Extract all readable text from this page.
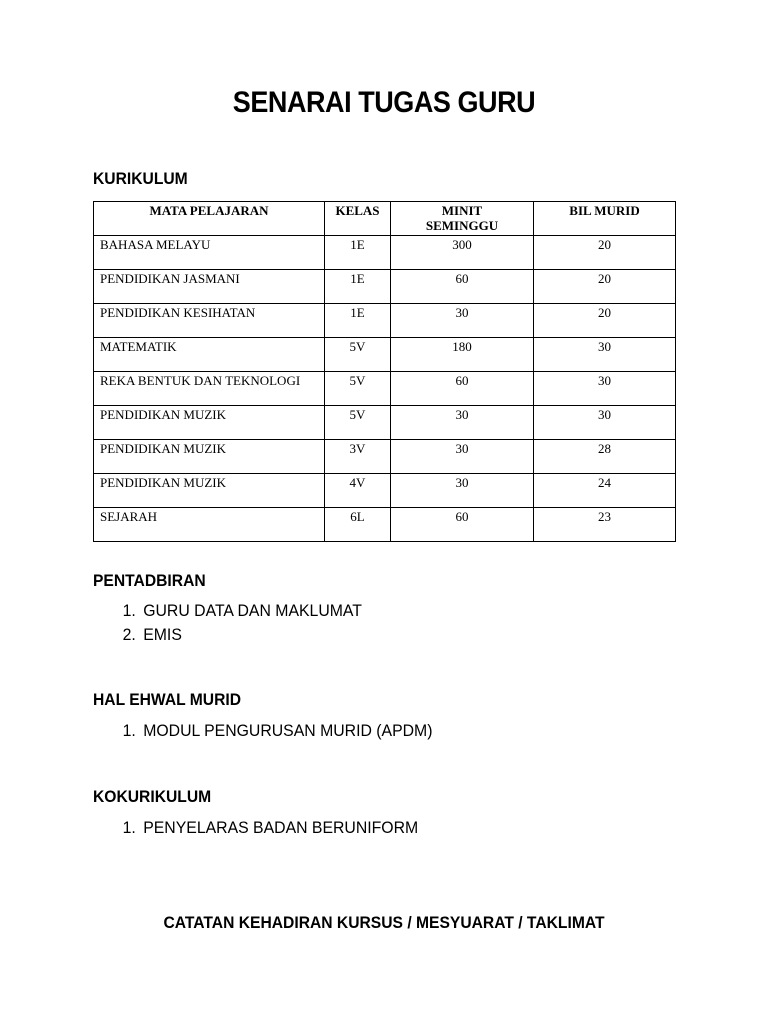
SENARAI TUGAS GURU
KURIKULUM
MATA PELAJARAN	KELAS	MINIT SEMINGGU	BIL MURID
BAHASA MELAYU	1E	300	20
PENDIDIKAN JASMANI	1E	60	20
PENDIDIKAN KESIHATAN	1E	30	20
MATEMATIK	5V	180	30
REKA BENTUK DAN TEKNOLOGI	5V	60	30
PENDIDIKAN MUZIK	5V	30	30
PENDIDIKAN MUZIK	3V	30	28
PENDIDIKAN MUZIK	4V	30	24
SEJARAH	6L	60	23
PENTADBIRAN
1. GURU DATA DAN MAKLUMAT
2. EMIS
HAL EHWAL MURID
1. MODUL PENGURUSAN MURID (APDM)
KOKURIKULUM
1. PENYELARAS BADAN BERUNIFORM
CATATAN KEHADIRAN KURSUS / MESYUARAT / TAKLIMAT
